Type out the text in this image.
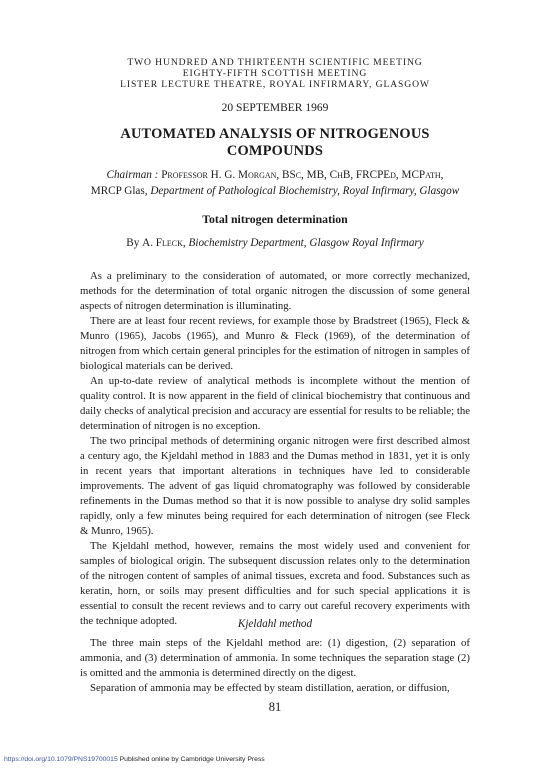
TWO HUNDRED AND THIRTEENTH SCIENTIFIC MEETING
EIGHTY-FIFTH SCOTTISH MEETING
LISTER LECTURE THEATRE, ROYAL INFIRMARY, GLASGOW
20 SEPTEMBER 1969
AUTOMATED ANALYSIS OF NITROGENOUS
COMPOUNDS
Chairman : Professor H. G. Morgan, BSc, MB, ChB, FRCPEd, MCPath,
MRCP Glas, Department of Pathological Biochemistry, Royal Infirmary, Glasgow
Total nitrogen determination
By A. Fleck, Biochemistry Department, Glasgow Royal Infirmary

As a preliminary to the consideration of automated, or more correctly mechanized, methods for the determination of total organic nitrogen the discussion of some general aspects of nitrogen determination is illuminating.

There are at least four recent reviews, for example those by Bradstreet (1965), Fleck & Munro (1965), Jacobs (1965), and Munro & Fleck (1969), of the determination of nitrogen from which certain general principles for the estimation of nitrogen in samples of biological materials can be derived.

An up-to-date review of analytical methods is incomplete without the mention of quality control. It is now apparent in the field of clinical biochemistry that continuous and daily checks of analytical precision and accuracy are essential for results to be reliable; the determination of nitrogen is no exception.

The two principal methods of determining organic nitrogen were first described almost a century ago, the Kjeldahl method in 1883 and the Dumas method in 1831, yet it is only in recent years that important alterations in techniques have led to considerable improvements. The advent of gas liquid chromatography was followed by considerable refinements in the Dumas method so that it is now possible to analyse dry solid samples rapidly, only a few minutes being required for each determination of nitrogen (see Fleck & Munro, 1965).

The Kjeldahl method, however, remains the most widely used and convenient for samples of biological origin. The subsequent discussion relates only to the determination of the nitrogen content of samples of animal tissues, excreta and food. Substances such as keratin, horn, or soils may present difficulties and for such special applications it is essential to consult the recent reviews and to carry out careful recovery experiments with the technique adopted.	Kjeldahl method

The three main steps of the Kjeldahl method are: (1) digestion, (2) separation of ammonia, and (3) determination of ammonia. In some techniques the separation stage (2) is omitted and the ammonia is determined directly on the digest.

Separation of ammonia may be effected by steam distillation, aeration, or diffusion,

81
https://doi.org/10.1079/PNS19700015 Published online by Cambridge University Press
